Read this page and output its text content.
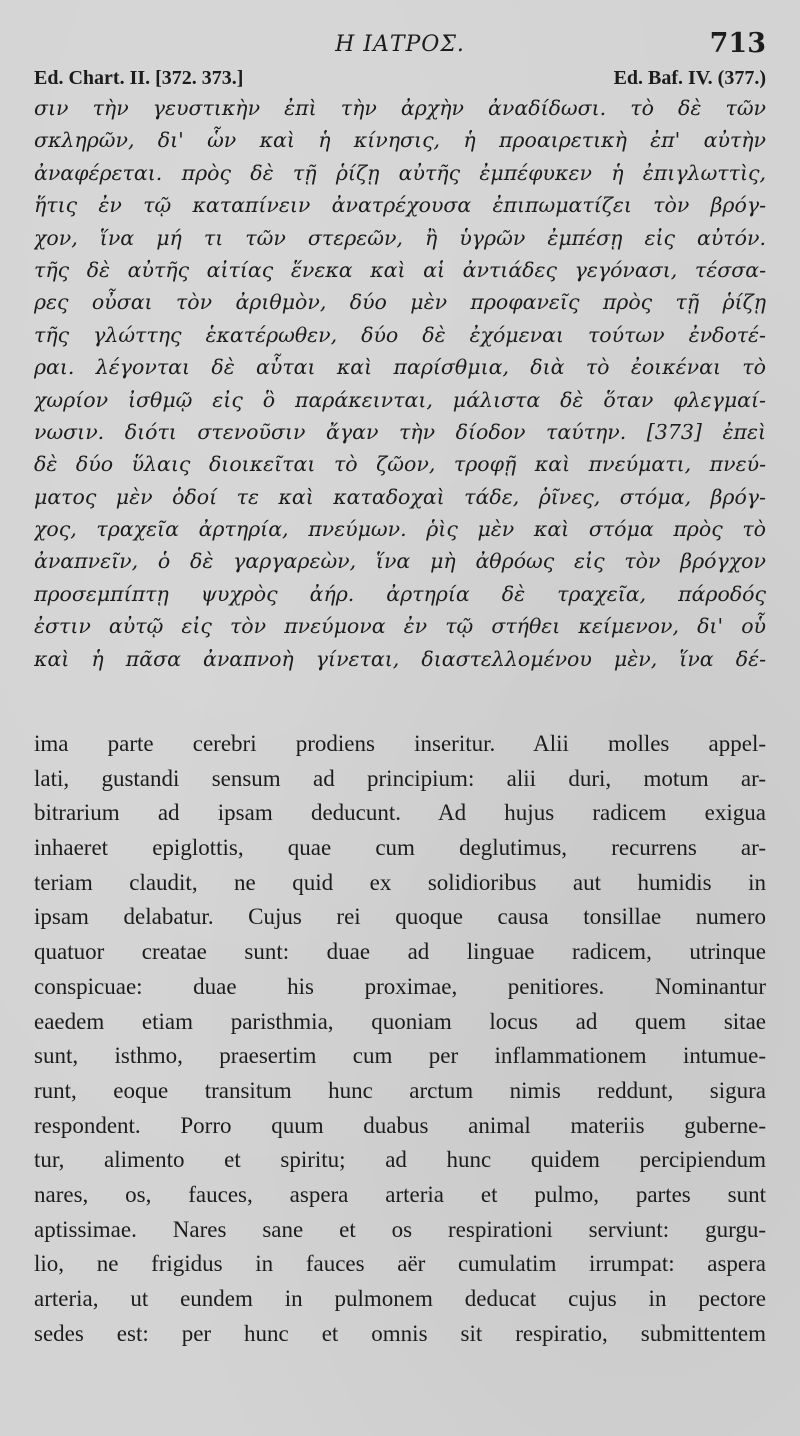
Η ΙΑΤΡΟΣ.	713
Ed. Chart. II. [372. 373.]	Ed. Baf. IV. (377.)
σιν τὴν γευστικὴν ἐπὶ τὴν ἀρχὴν ἀναδίδωσι. τὸ δὲ τῶν
σκληρῶν, δι' ὧν καὶ ἡ κίνησις, ἡ προαιρετικὴ ἐπ' αὐτὴν
ἀναφέρεται. πρὸς δὲ τῇ ῥίζῃ αὐτῆς ἐμπέφυκεν ἡ ἐπιγλωττὶς,
ἥτις ἐν τῷ καταπίνειν ἀνατρέχουσα ἐπιπωματίζει τὸν βρόγ-
χον, ἵνα μή τι τῶν στερεῶν, ἢ ὑγρῶν ἐμπέσῃ εἰς αὐτόν.
τῆς δὲ αὐτῆς αἰτίας ἕνεκα καὶ αἱ ἀντιάδες γεγόνασι, τέσσα-
ρες οὖσαι τὸν ἀριθμὸν, δύο μὲν προφανεῖς πρὸς τῇ ῥίζῃ
τῆς γλώττης ἑκατέρωθεν, δύο δὲ ἐχόμεναι τούτων ἐνδοτέ-
ραι. λέγονται δὲ αὗται καὶ παρίσθμια, διὰ τὸ ἐοικέναι τὸ
χωρίον ἰσθμῷ εἰς ὃ παράκεινται, μάλιστα δὲ ὅταν φλεγμαί-
νωσιν. διότι στενοῦσιν ἄγαν τὴν δίοδον ταύτην. [373] ἐπεὶ
δὲ δύο ὕλαις διοικεῖται τὸ ζῶον, τροφῇ καὶ πνεύματι, πνεύ-
ματος μὲν ὁδοί τε καὶ καταδοχαὶ τάδε, ῥῖνες, στόμα, βρόγ-
χος, τραχεῖα ἀρτηρία, πνεύμων. ῥὶς μὲν καὶ στόμα πρὸς τὸ
ἀναπνεῖν, ὁ δὲ γαργαρεὼν, ἵνα μὴ ἀθρόως εἰς τὸν βρόγχον
προσεμπίπτῃ ψυχρὸς ἀήρ. ἀρτηρία δὲ τραχεῖα, πάροδός
ἐστιν αὐτῷ εἰς τὸν πνεύμονα ἐν τῷ στήθει κείμενον, δι' οὗ
καὶ ἡ πᾶσα ἀναπνοὴ γίνεται, διαστελλομένου μὲν, ἵνα δέ-
ima parte cerebri prodiens inseritur. Alii molles appel-
lati, gustandi sensum ad principium: alii duri, motum ar-
bitrarium ad ipsam deducunt. Ad hujus radicem exigua
inhaeret epiglottis, quae cum deglutimus, recurrens ar-
teriam claudit, ne quid ex solidioribus aut humidis in
ipsam delabatur. Cujus rei quoque causa tonsillae numero
quatuor creatae sunt: duae ad linguae radicem, utrinque
conspicuae: duae his proximae, penitiores. Nominantur
eaedem etiam paristhmia, quoniam locus ad quem sitae
sunt, isthmo, praesertim cum per inflammationem intumue-
runt, eoque transitum hunc arctum nimis reddunt, sigura
respondent. Porro quum duabus animal materiis guberne-
tur, alimento et spiritu; ad hunc quidem percipiendum
nares, os, fauces, aspera arteria et pulmo, partes sunt
aptissimae. Nares sane et os respirationi serviunt: gurgu-
lio, ne frigidus in fauces aër cumulatim irrumpat: aspera
arteria, ut eundem in pulmonem deducat cujus in pectore
sedes est: per hunc et omnis sit respiratio, submittentem
